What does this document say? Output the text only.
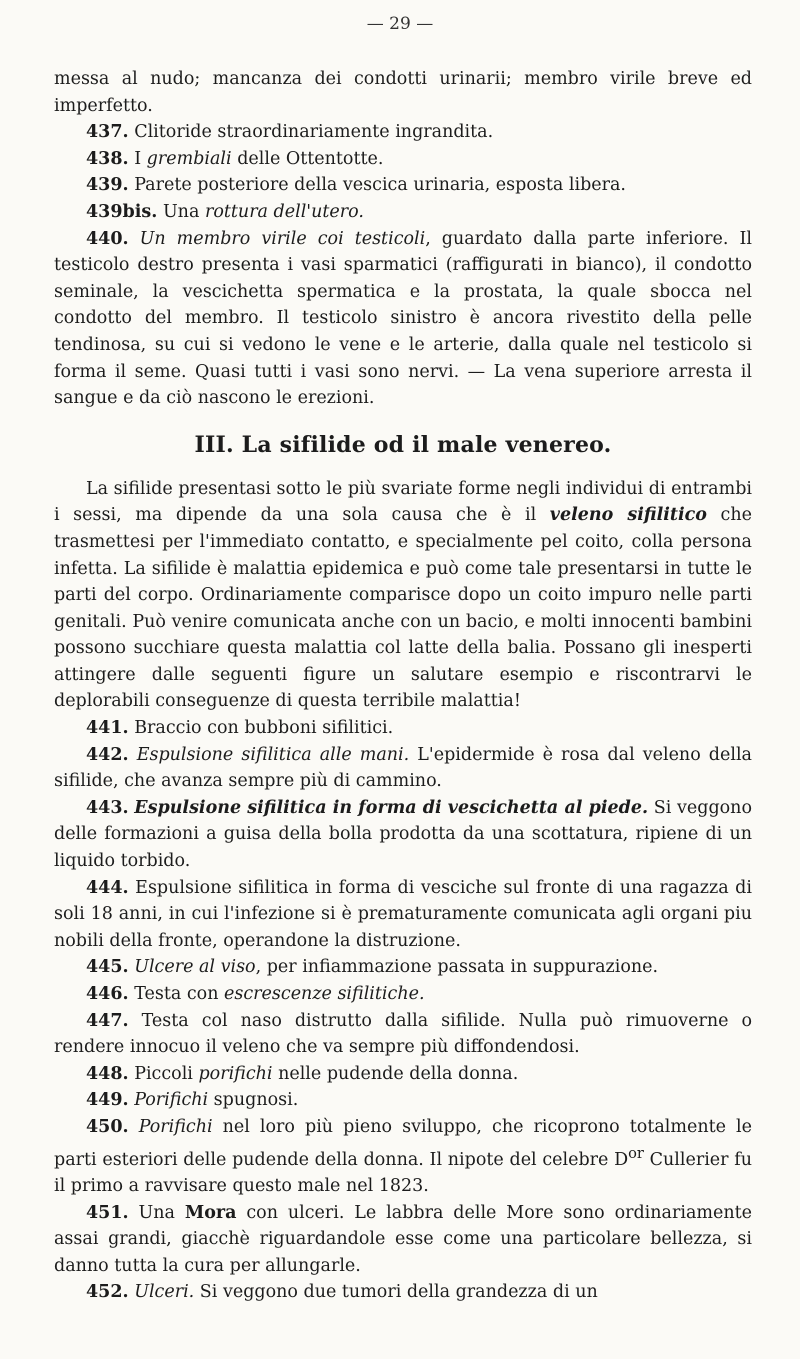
— 29 —

messa al nudo; mancanza dei condotti urinarii; membro virile breve ed imperfetto.

437. Clitoride straordinariamente ingrandita.

438. I grembiali delle Ottentotte.

439. Parete posteriore della vescica urinaria, esposta libera.

439bis. Una rottura dell'utero.

440. Un membro virile coi testicoli, guardato dalla parte inferiore. Il testicolo destro presenta i vasi sparmatici (raffigurati in bianco), il condotto seminale, la vescichetta spermatica e la prostata, la quale sbocca nel condotto del membro. Il testicolo sinistro è ancora rivestito della pelle tendinosa, su cui si vedono le vene e le arterie, dalla quale nel testicolo si forma il seme. Quasi tutti i vasi sono nervi. — La vena superiore arresta il sangue e da ciò nascono le erezioni.

III. La sifilide od il male venereo.

La sifilide presentasi sotto le più svariate forme negli individui di entrambi i sessi, ma dipende da una sola causa che è il veleno sifilitico che trasmettesi per l'immediato contatto, e specialmente pel coito, colla persona infetta. La sifilide è malattia epidemica e può come tale presentarsi in tutte le parti del corpo. Ordinariamente comparisce dopo un coito impuro nelle parti genitali. Può venire comunicata anche con un bacio, e molti innocenti bambini possono succhiare questa malattia col latte della balia. Possano gli inesperti attingere dalle seguenti figure un salutare esempio e riscontrarvi le deplorabili conseguenze di questa terribile malattia!

441. Braccio con bubboni sifilitici.

442. Espulsione sifilitica alle mani. L'epidermide è rosa dal veleno della sifilide, che avanza sempre più di cammino.

443. Espulsione sifilitica in forma di vescichetta al piede. Si veggono delle formazioni a guisa della bolla prodotta da una scottatura, ripiene di un liquido torbido.

444. Espulsione sifilitica in forma di vesciche sul fronte di una ragazza di soli 18 anni, in cui l'infezione si è prematuramente comunicata agli organi piu nobili della fronte, operandone la distruzione.

445. Ulcere al viso, per infiammazione passata in suppurazione.

446. Testa con escrescenze sifilitiche.

447. Testa col naso distrutto dalla sifilide. Nulla può rimuoverne o rendere innocuo il veleno che va sempre più diffondendosi.

448. Piccoli porifichi nelle pudende della donna.

449. Porifichi spugnosi.

450. Porifichi nel loro più pieno sviluppo, che ricoprono totalmente le parti esteriori delle pudende della donna. Il nipote del celebre $D^{or}$ Cullerier fu il primo a ravvisare questo male nel 1823.

451. Una Mora con ulceri. Le labbra delle More sono ordinariamente assai grandi, giacchè riguardandole esse come una particolare bellezza, si danno tutta la cura per allungarle.

452. Ulceri. Si veggono due tumori della grandezza di un
